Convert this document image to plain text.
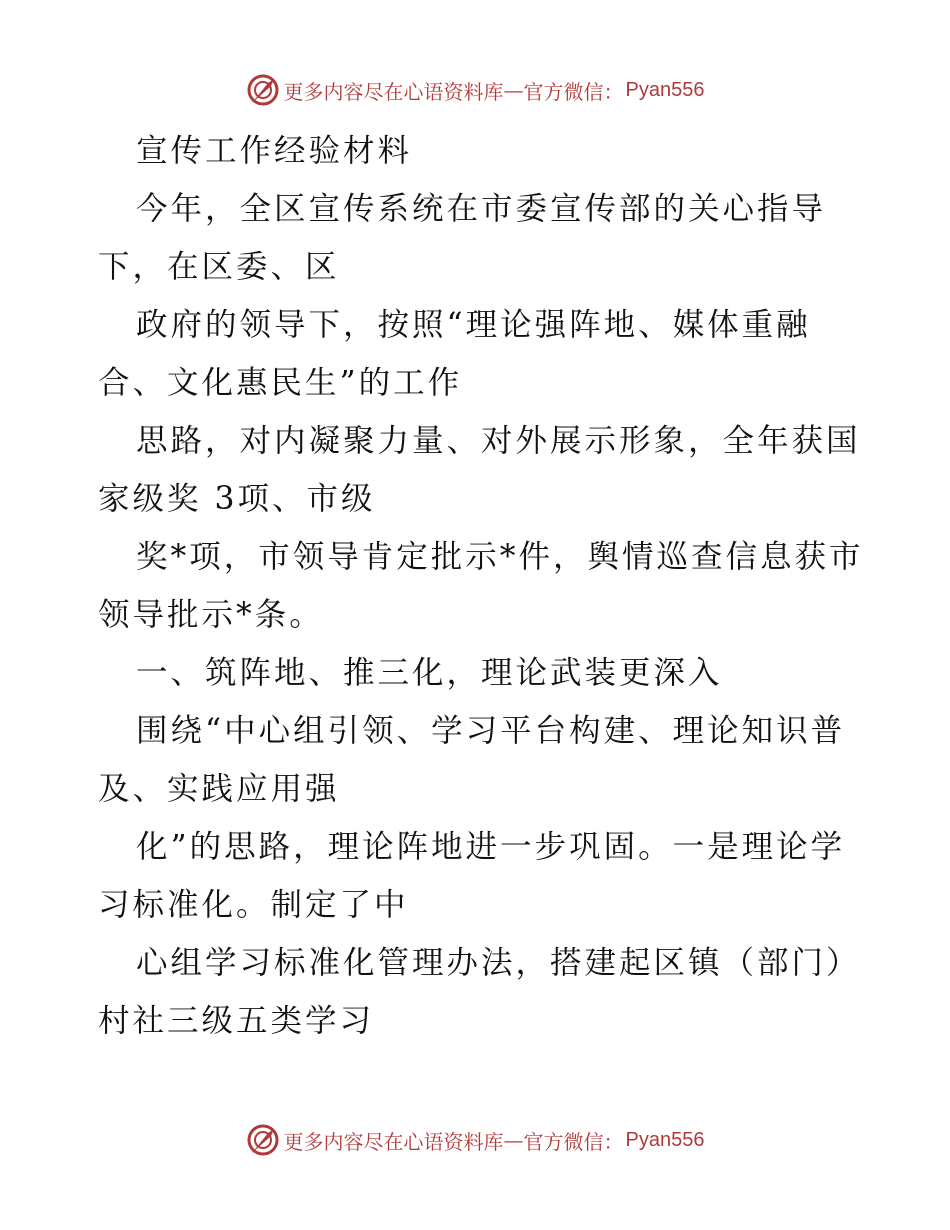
更多内容尽在心语资料库 — 官方微信： Pyan556
宣传工作经验材料
今年，全区宣传系统在市委宣传部的关心指导
下，在区委、区
政府的领导下，按照“理论强阵地、媒体重融
合、文化惠民生”的工作
思路，对内凝聚力量、对外展示形象，全年获国
家级奖 3项、市级
奖*项，市领导肯定批示*件，舆情巡查信息获市
领导批示*条。
一、筑阵地、推三化，理论武装更深入
围绕“中心组引领、学习平台构建、理论知识普
及、实践应用强
化”的思路，理论阵地进一步巩固。一是理论学
习标准化。制定了中
心组学习标准化管理办法，搭建起区镇（部门）
村社三级五类学习
更多内容尽在心语资料库 — 官方微信： Pyan556
